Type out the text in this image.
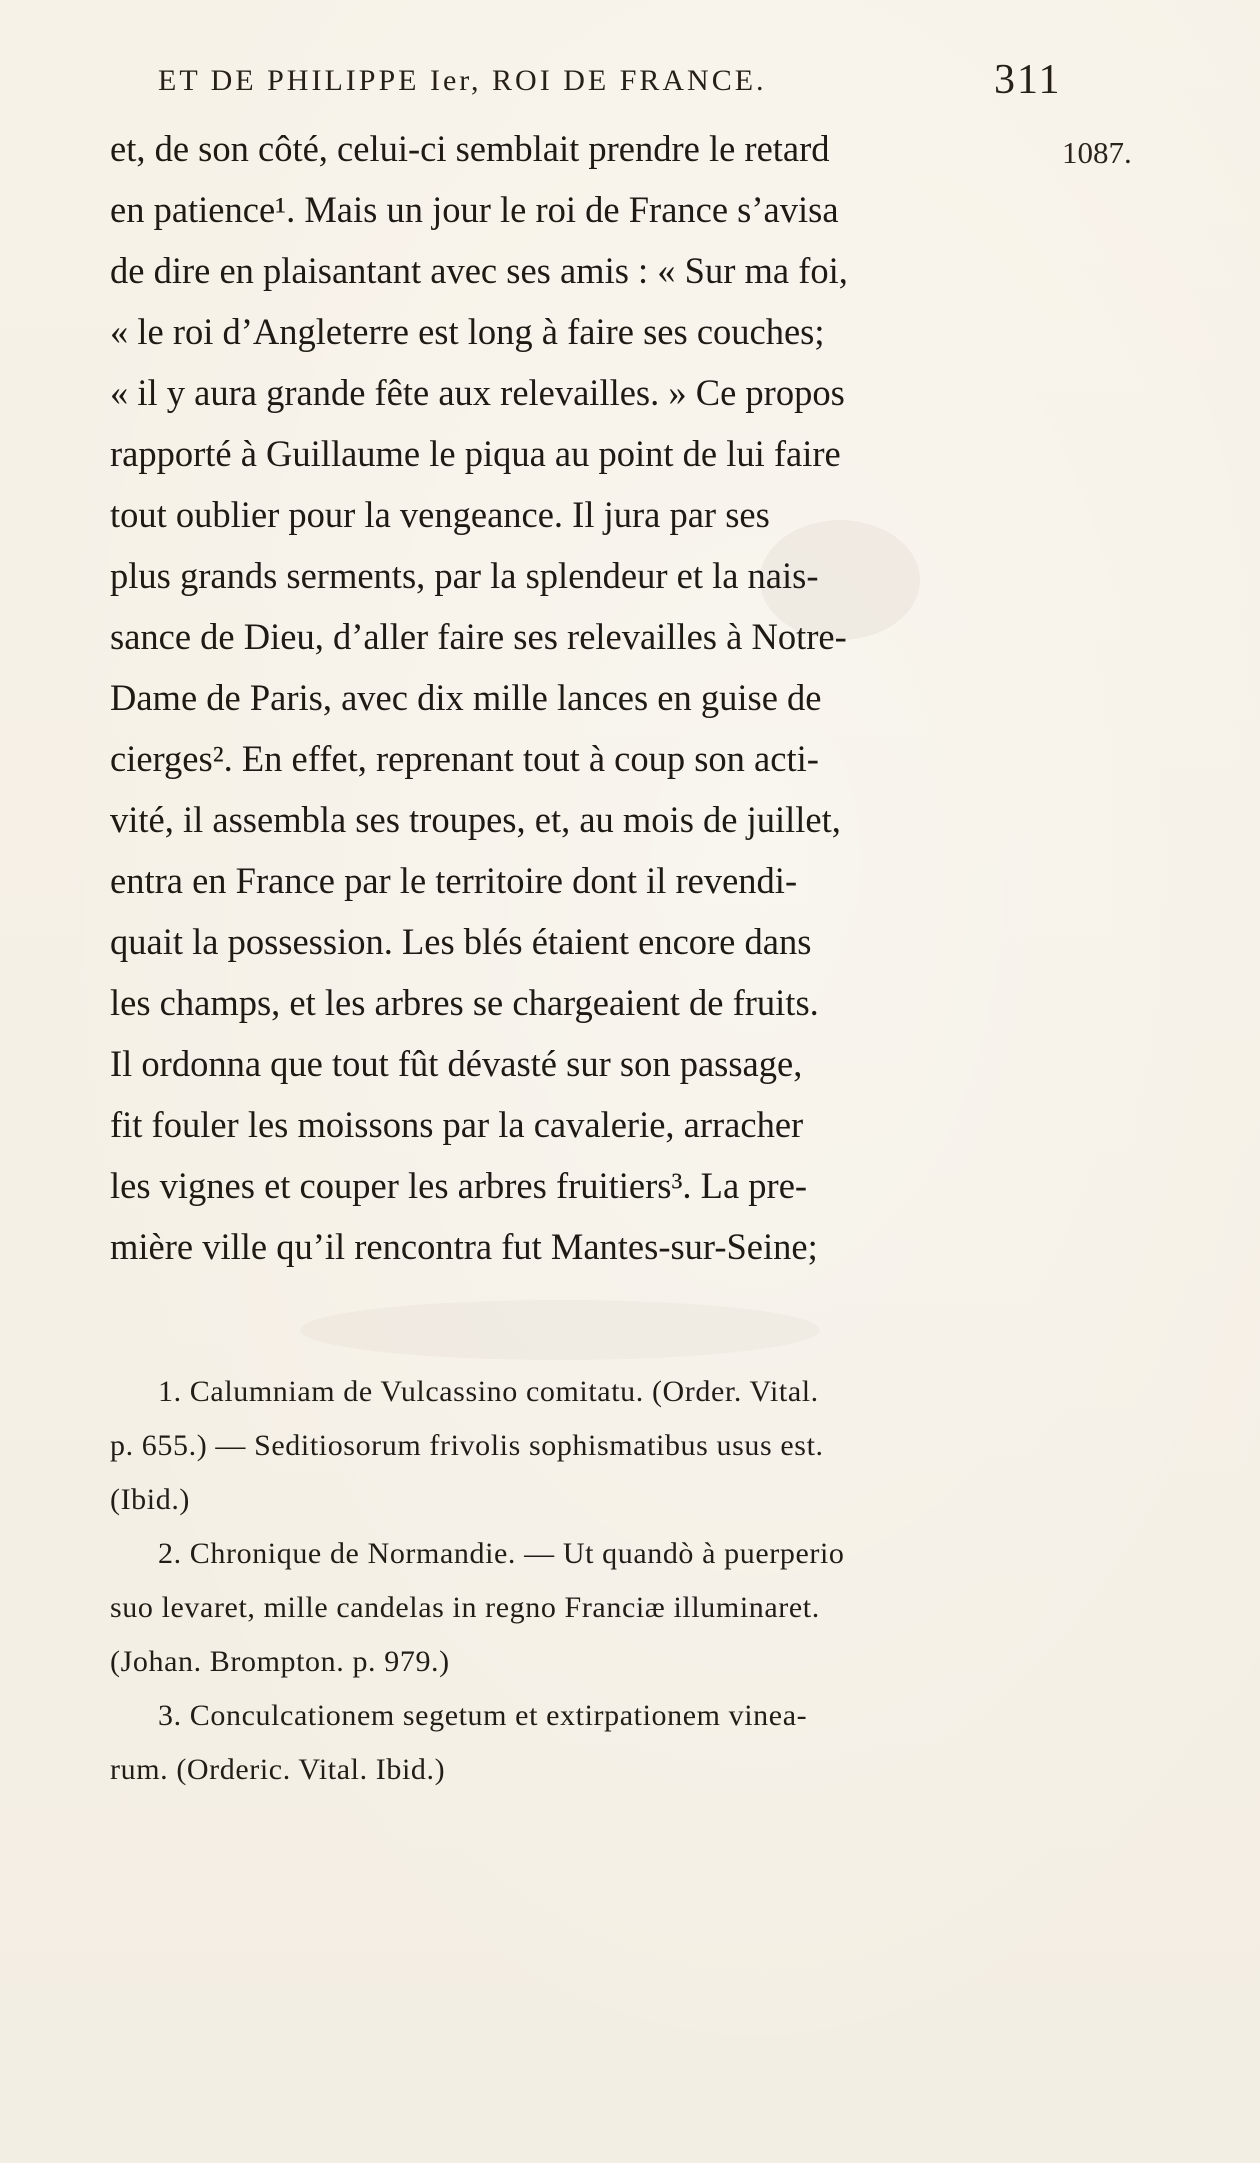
ET DE PHILIPPE Ier, ROI DE FRANCE.	311
1087.
et, de son côté, celui-ci semblait prendre le retard
en patience¹. Mais un jour le roi de France s’avisa
de dire en plaisantant avec ses amis : « Sur ma foi,
« le roi d’Angleterre est long à faire ses couches;
« il y aura grande fête aux relevailles. » Ce propos
rapporté à Guillaume le piqua au point de lui faire
tout oublier pour la vengeance. Il jura par ses
plus grands serments, par la splendeur et la nais-
sance de Dieu, d’aller faire ses relevailles à Notre-
Dame de Paris, avec dix mille lances en guise de
cierges². En effet, reprenant tout à coup son acti-
vité, il assembla ses troupes, et, au mois de juillet,
entra en France par le territoire dont il revendi-
quait la possession. Les blés étaient encore dans
les champs, et les arbres se chargeaient de fruits.
Il ordonna que tout fût dévasté sur son passage,
fit fouler les moissons par la cavalerie, arracher
les vignes et couper les arbres fruitiers³. La pre-
mière ville qu’il rencontra fut Mantes-sur-Seine;
1. Calumniam de Vulcassino comitatu. (Order. Vital.
p. 655.) — Seditiosorum frivolis sophismatibus usus est.
(Ibid.)
2. Chronique de Normandie. — Ut quandò à puerperio
suo levaret, mille candelas in regno Franciæ illuminaret.
(Johan. Brompton. p. 979.)
3. Conculcationem segetum et extirpationem vinea-
rum. (Orderic. Vital. Ibid.)
